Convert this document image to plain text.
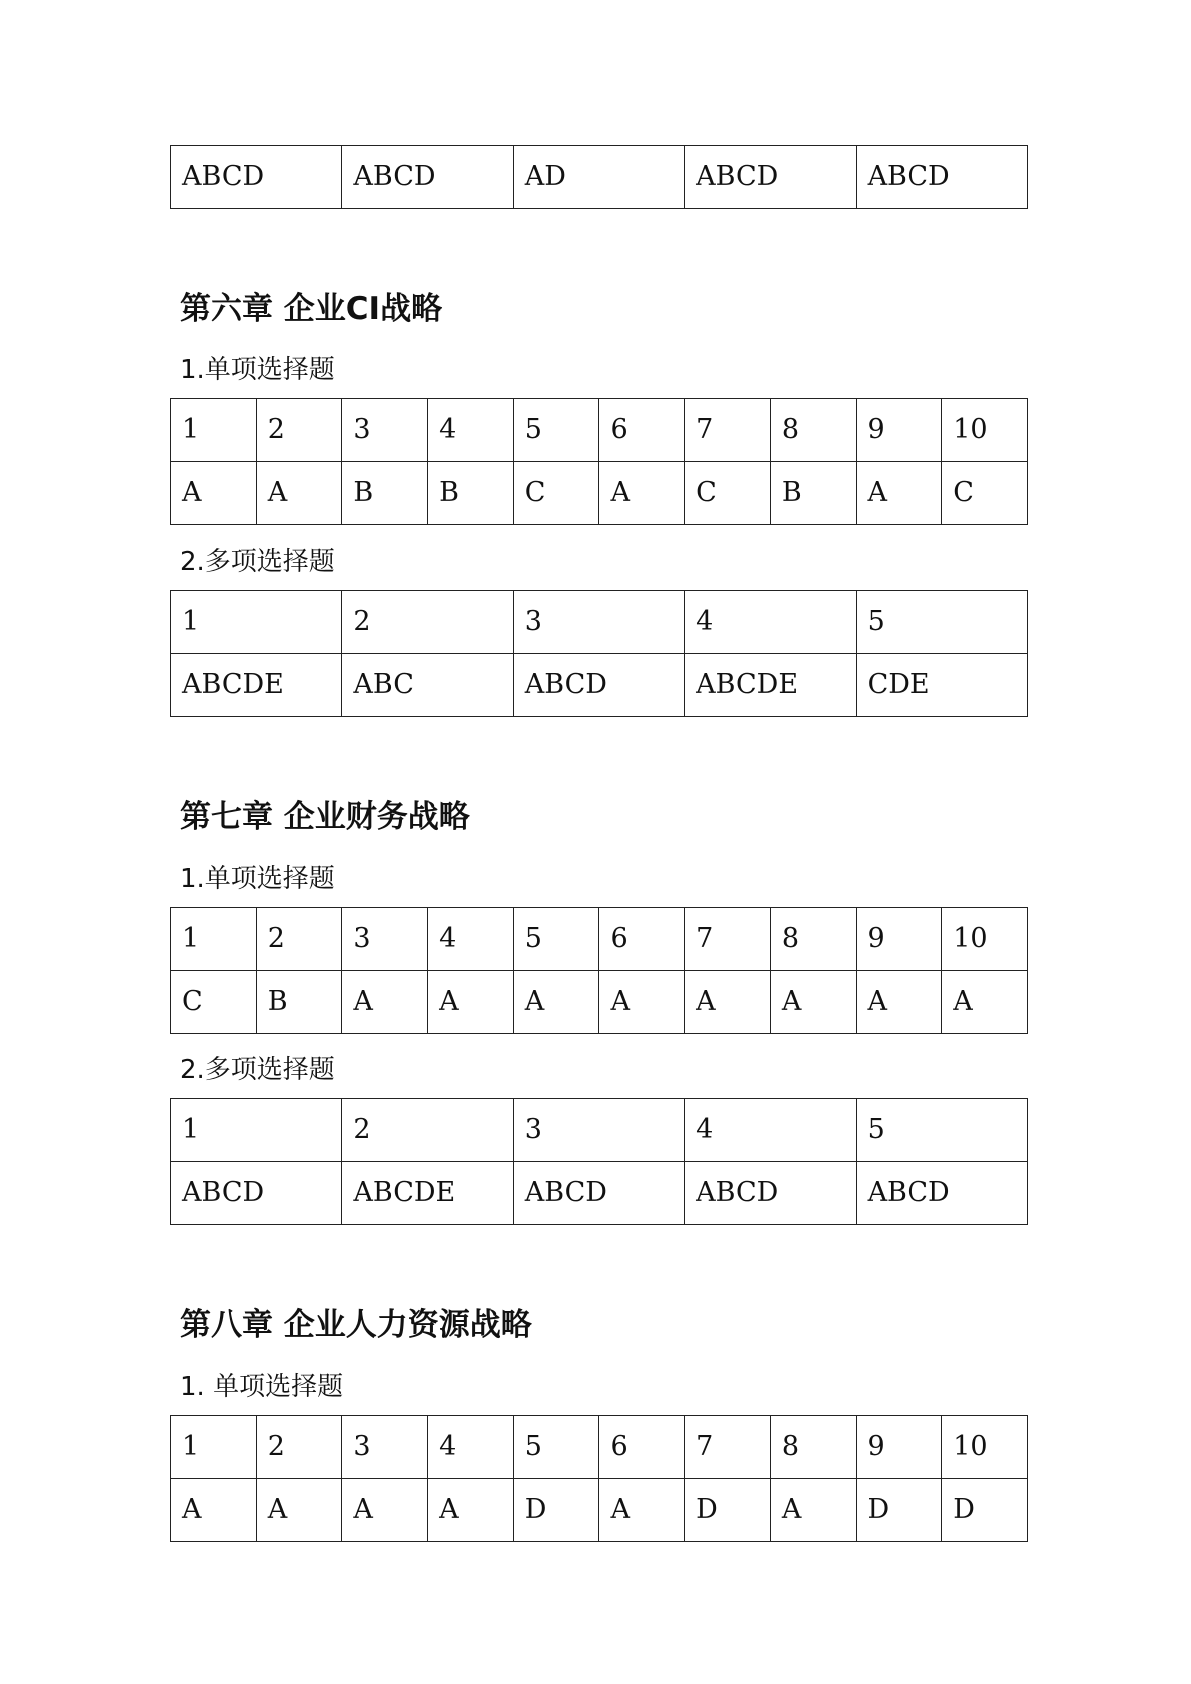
ABCD	ABCD	AD	ABCD	ABCD
第六章 企业CI战略

1.单项选择题

1	2	3	4	5	6	7	8	9	10
A	A	B	B	C	A	C	B	A	C

2.多项选择题

1	2	3	4	5
ABCDE	ABC	ABCD	ABCDE	CDE
第七章 企业财务战略

1.单项选择题

1	2	3	4	5	6	7	8	9	10
C	B	A	A	A	A	A	A	A	A

2.多项选择题

1	2	3	4	5
ABCD	ABCDE	ABCD	ABCD	ABCD
第八章 企业人力资源战略

1. 单项选择题

1	2	3	4	5	6	7	8	9	10
A	A	A	A	D	A	D	A	D	D
